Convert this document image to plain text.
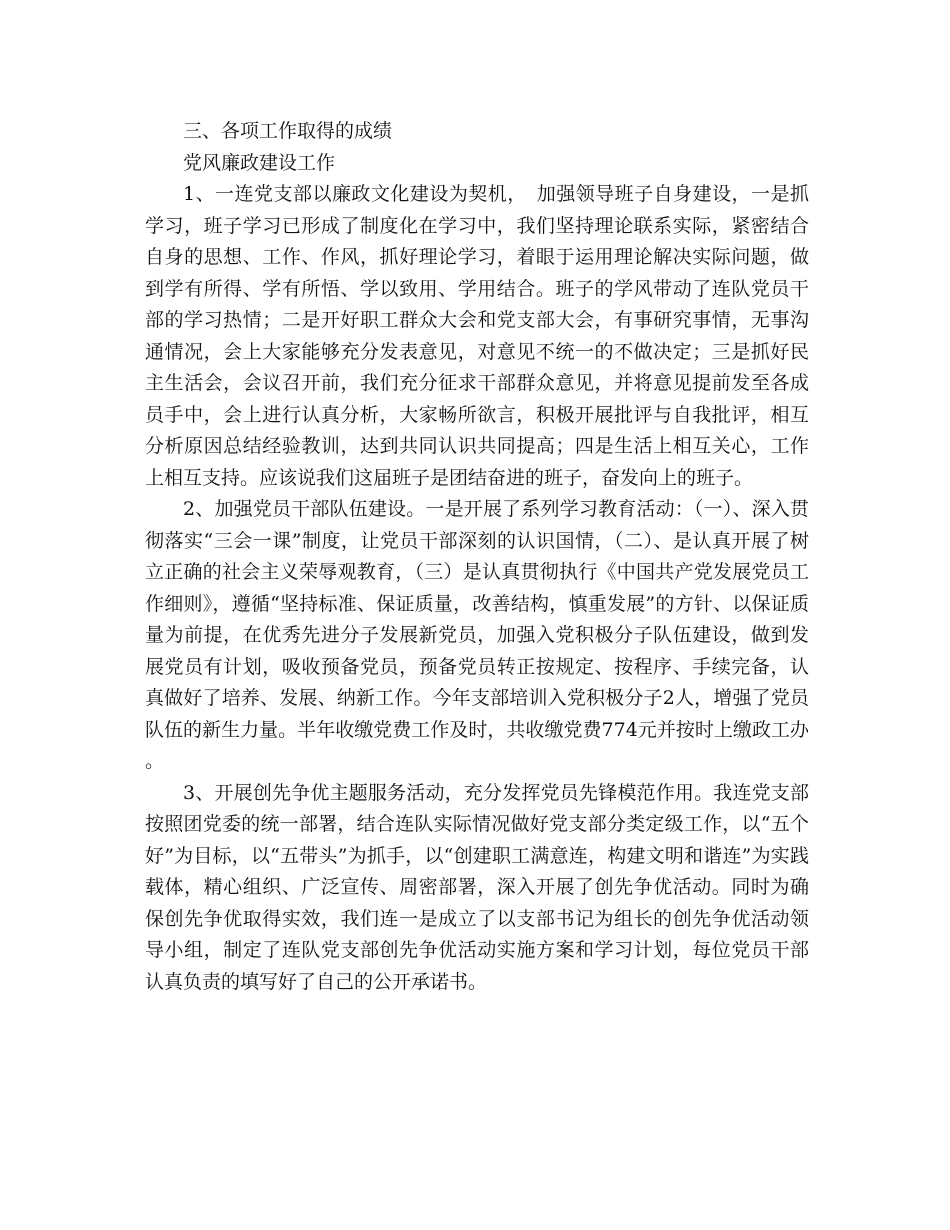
三、各项工作取得的成绩
党风廉政建设工作

1、一连党支部以廉政文化建设为契机，　加强领导班子自身建设，一是抓学习，班子学习已形成了制度化在学习中，我们坚持理论联系实际，紧密结合自身的思想、工作、作风，抓好理论学习，着眼于运用理论解决实际问题，做到学有所得、学有所悟、学以致用、学用结合。班子的学风带动了连队党员干部的学习热情；二是开好职工群众大会和党支部大会，有事研究事情，无事沟通情况，会上大家能够充分发表意见，对意见不统一的不做决定；三是抓好民主生活会，会议召开前，我们充分征求干部群众意见，并将意见提前发至各成员手中，会上进行认真分析，大家畅所欲言，积极开展批评与自我批评，相互分析原因总结经验教训，达到共同认识共同提高；四是生活上相互关心，工作上相互支持。应该说我们这届班子是团结奋进的班子，奋发向上的班子。

2、加强党员干部队伍建设。一是开展了系列学习教育活动：（一）、深入贯彻落实“三会一课”制度，让党员干部深刻的认识国情，（二）、是认真开展了树立正确的社会主义荣辱观教育，（三）是认真贯彻执行《中国共产党发展党员工作细则》，遵循“坚持标准、保证质量，改善结构，慎重发展”的方针、以保证质量为前提，在优秀先进分子发展新党员，加强入党积极分子队伍建设，做到发展党员有计划，吸收预备党员，预备党员转正按规定、按程序、手续完备，认真做好了培养、发展、纳新工作。今年支部培训入党积极分子2人，增强了党员队伍的新生力量。半年收缴党费工作及时，共收缴党费774元并按时上缴政工办。

3、开展创先争优主题服务活动，充分发挥党员先锋模范作用。我连党支部按照团党委的统一部署，结合连队实际情况做好党支部分类定级工作，以“五个好”为目标，以“五带头”为抓手，以“创建职工满意连，构建文明和谐连”为实践载体，精心组织、广泛宣传、周密部署，深入开展了创先争优活动。同时为确保创先争优取得实效，我们连一是成立了以支部书记为组长的创先争优活动领导小组，制定了连队党支部创先争优活动实施方案和学习计划，每位党员干部认真负责的填写好了自己的公开承诺书。
